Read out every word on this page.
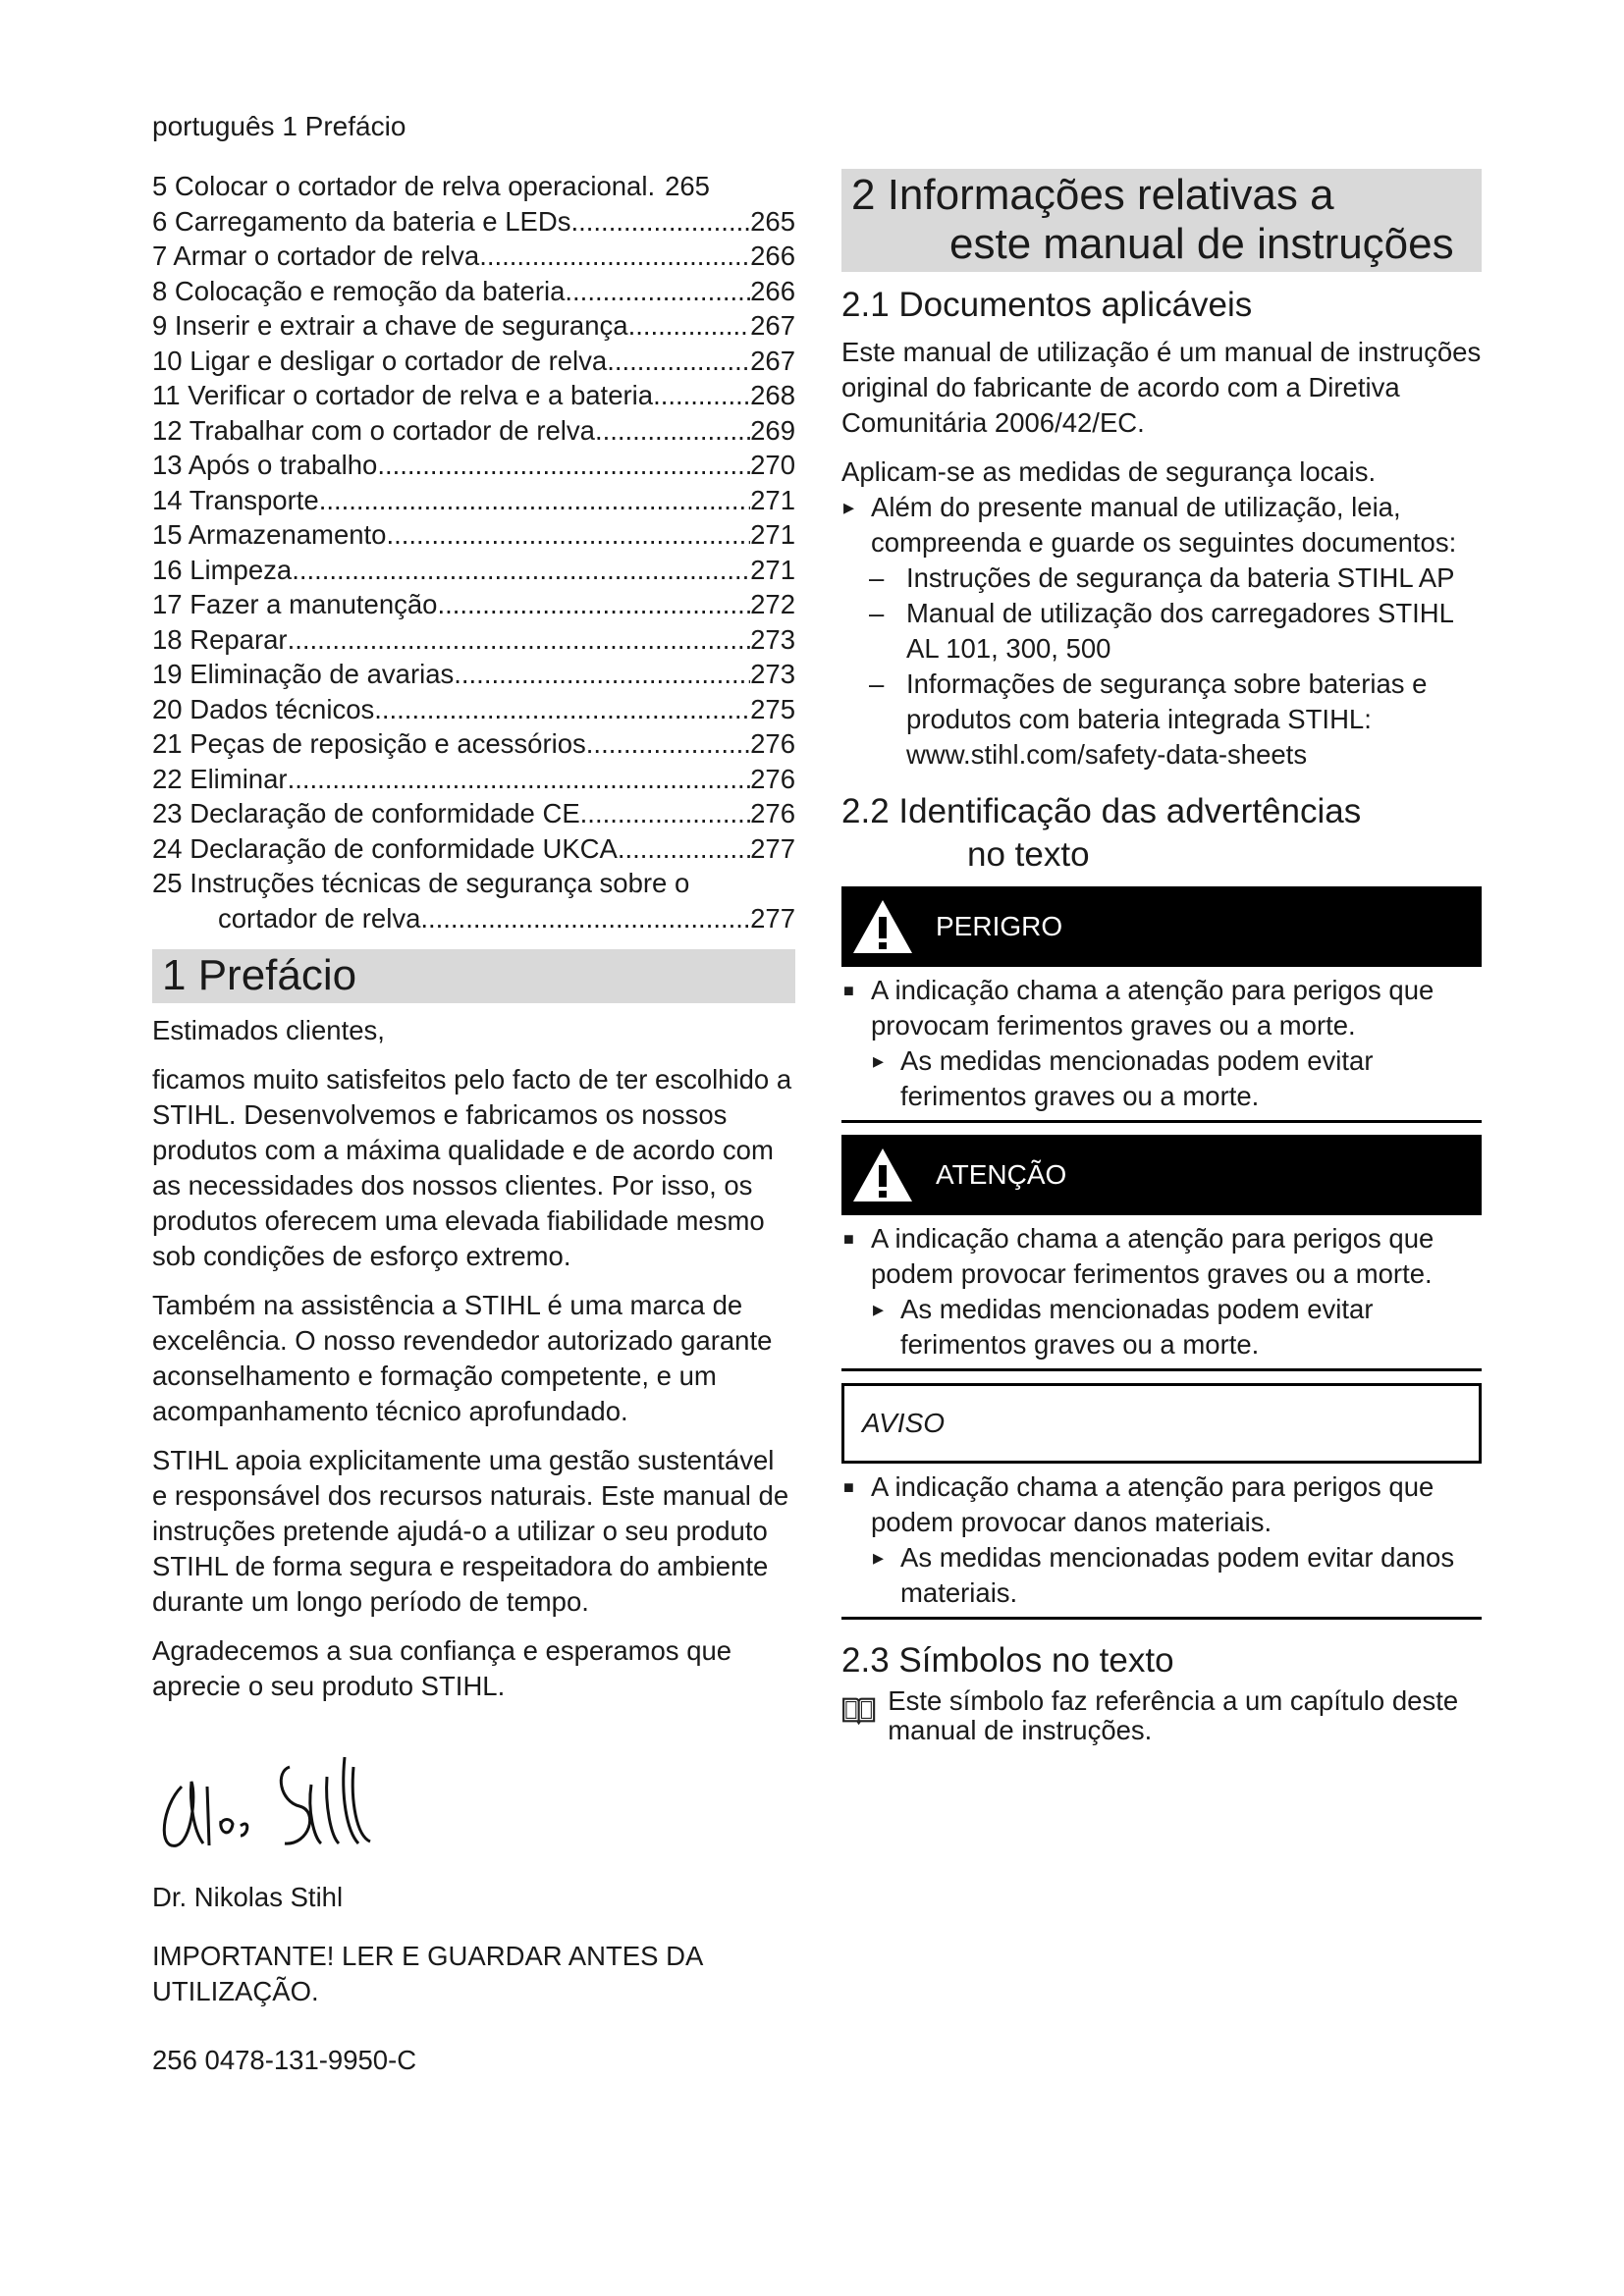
português 1 Prefácio
5 Colocar o cortador de relva operacional. 265
6 Carregamento da bateria e LEDs .....	265
7 Armar o cortador de relva .....	266
8 Colocação e remoção da bateria .....	266
9 Inserir e extrair a chave de segurança .....	267
10 Ligar e desligar o cortador de relva .....	267
11 Verificar o cortador de relva e a bateria .....	268
12 Trabalhar com o cortador de relva .....	269
13 Após o trabalho .....	270
14 Transporte .....	271
15 Armazenamento .....	271
16 Limpeza .....	271
17 Fazer a manutenção .....	272
18 Reparar .....	273
19 Eliminação de avarias .....	273
20 Dados técnicos .....	275
21 Peças de reposição e acessórios .....	276
22 Eliminar .....	276
23 Declaração de conformidade CE .....	276
24 Declaração de conformidade UKCA .....	277
25 Instruções técnicas de segurança sobre o
cortador de relva .....	277
1 Prefácio

Estimados clientes,

ficamos muito satisfeitos pelo facto de ter escolhido a STIHL. Desenvolvemos e fabricamos os nossos produtos com a máxima qualidade e de acordo com as necessidades dos nossos clientes. Por isso, os produtos oferecem uma elevada fiabilidade mesmo sob condições de esforço extremo.

Também na assistência a STIHL é uma marca de excelência. O nosso revendedor autorizado garante aconselhamento e formação competente, e um acompanhamento técnico aprofundado.

STIHL apoia explicitamente uma gestão sustentável e responsável dos recursos naturais. Este manual de instruções pretende ajudá-o a utilizar o seu produto STIHL de forma segura e respeitadora do ambiente durante um longo período de tempo.

Agradecemos a sua confiança e esperamos que aprecie o seu produto STIHL.

Dr. Nikolas Stihl

IMPORTANTE! LER E GUARDAR ANTES DA UTILIZAÇÃO.

256 0478-131-9950-C

2 Informações relativas a
este manual de instruções
2.1 Documentos aplicáveis

Este manual de utilização é um manual de instruções original do fabricante de acordo com a Diretiva Comunitária 2006/42/EC.

Aplicam-se as medidas de segurança locais.

▸ Além do presente manual de utilização, leia, compreenda e guarde os seguintes documentos:
– Instruções de segurança da bateria STIHL AP
– Manual de utilização dos carregadores STIHL AL 101, 300, 500
– Informações de segurança sobre baterias e produtos com bateria integrada STIHL: www.stihl.com/safety-data-sheets
2.2 Identificação das advertências
no texto
PERIGRO
■ A indicação chama a atenção para perigos que provocam ferimentos graves ou a morte.
▸ As medidas mencionadas podem evitar ferimentos graves ou a morte.
ATENÇÃO
■ A indicação chama a atenção para perigos que podem provocar ferimentos graves ou a morte.
▸ As medidas mencionadas podem evitar ferimentos graves ou a morte.
AVISO
■ A indicação chama a atenção para perigos que podem provocar danos materiais.
▸ As medidas mencionadas podem evitar danos materiais.
2.3 Símbolos no texto

Este símbolo faz referência a um capítulo deste manual de instruções.
